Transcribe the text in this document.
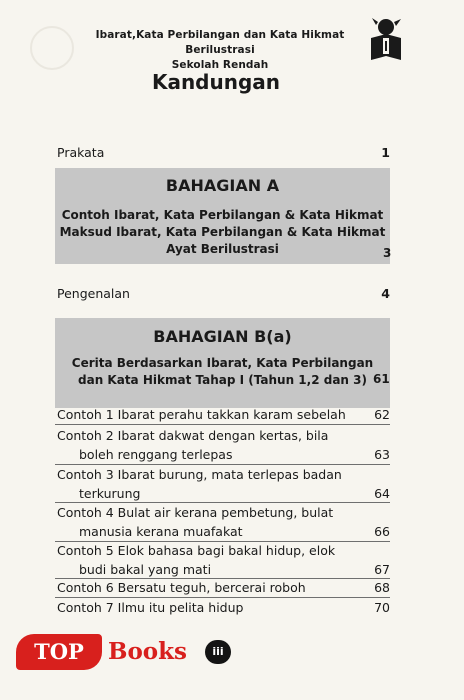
Ibarat,Kata Perbilangan dan Kata Hikmat Berilustrasi
Sekolah Rendah
Kandungan
Prakata	1
BAHAGIAN A
Contoh Ibarat, Kata Perbilangan & Kata Hikmat
Maksud Ibarat, Kata Perbilangan & Kata Hikmat
Ayat Berilustrasi	3
Pengenalan	4
BAHAGIAN B(a)
Cerita Berdasarkan Ibarat, Kata Perbilangan
dan Kata Hikmat Tahap I (Tahun 1,2 dan 3) 61
Contoh 1 Ibarat perahu takkan karam sebelah	62
Contoh 2 Ibarat dakwat dengan kertas, bila
boleh renggang terlepas	63
Contoh 3 Ibarat burung, mata terlepas badan
terkurung	64
Contoh 4 Bulat air kerana pembetung, bulat
manusia kerana muafakat	66
Contoh 5 Elok bahasa bagi bakal hidup, elok
budi bakal yang mati	67
Contoh 6 Bersatu teguh, bercerai roboh	68
Contoh 7 Ilmu itu pelita hidup	70
TOP	Books	iii
